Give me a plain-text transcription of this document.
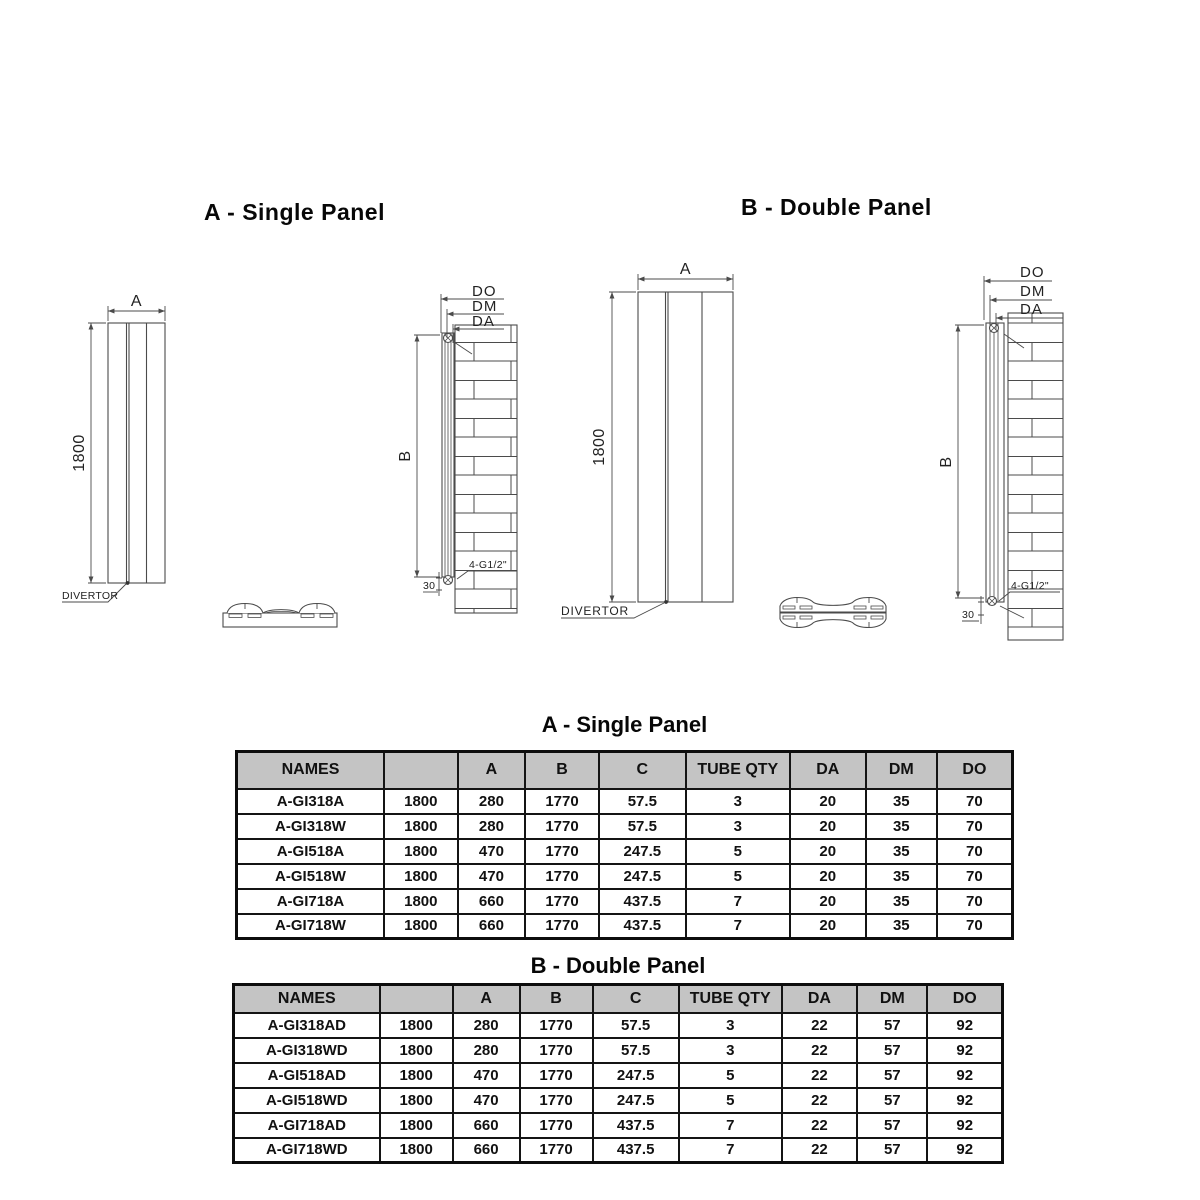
A - Single Panel	B - Double Panel
A
1800
DIVERTOR
B
DO
DM
DA
30
4-G1/2"
A
1800
DIVERTOR
B
DO
DM
DA
30
4-G1/2"
A - Single Panel
NAMES		A	B	C	TUBE QTY	DA	DM	DO
A-GI318A	1800	280	1770	57.5	3	20	35	70
A-GI318W	1800	280	1770	57.5	3	20	35	70
A-GI518A	1800	470	1770	247.5	5	20	35	70
A-GI518W	1800	470	1770	247.5	5	20	35	70
A-GI718A	1800	660	1770	437.5	7	20	35	70
A-GI718W	1800	660	1770	437.5	7	20	35	70
B - Double Panel
NAMES		A	B	C	TUBE QTY	DA	DM	DO
A-GI318AD	1800	280	1770	57.5	3	22	57	92
A-GI318WD	1800	280	1770	57.5	3	22	57	92
A-GI518AD	1800	470	1770	247.5	5	22	57	92
A-GI518WD	1800	470	1770	247.5	5	22	57	92
A-GI718AD	1800	660	1770	437.5	7	22	57	92
A-GI718WD	1800	660	1770	437.5	7	22	57	92
